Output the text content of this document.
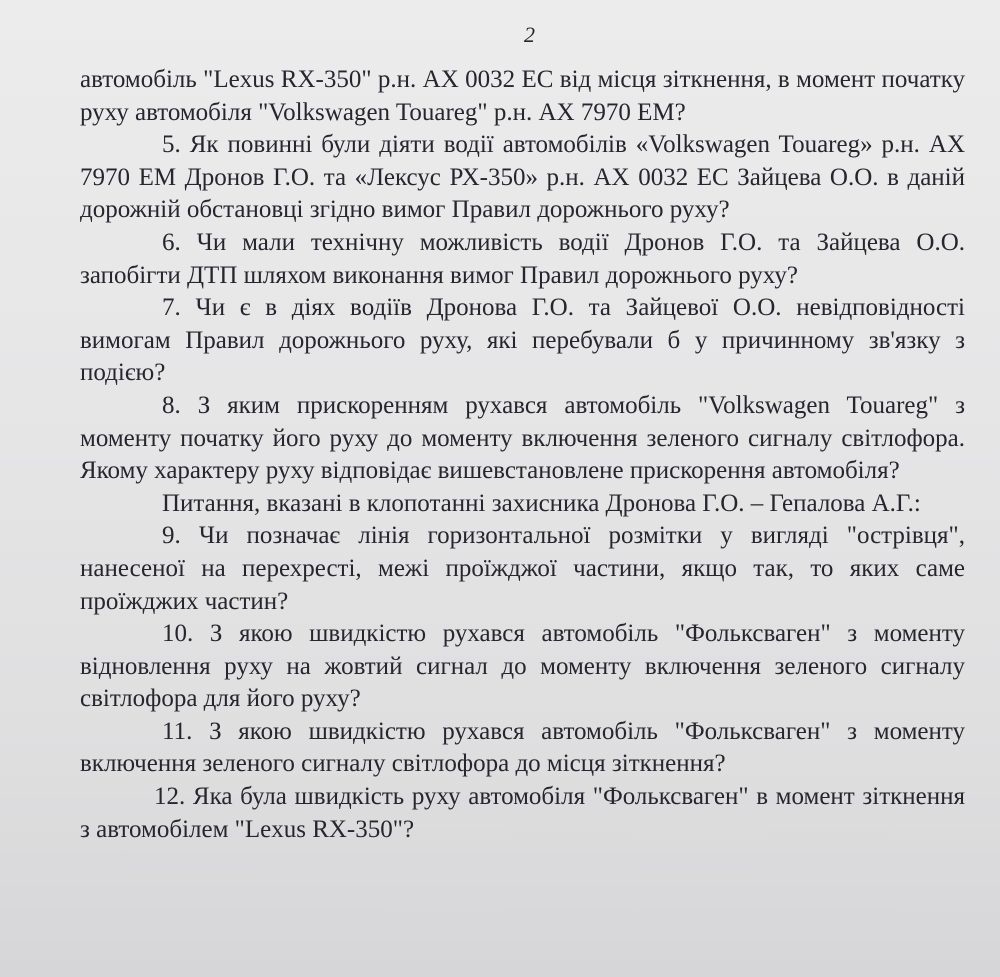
2

автомобіль "Lexus RX-350" р.н. АХ 0032 ЕС від місця зіткнення, в момент початку руху автомобіля "Volkswagen Touareg" р.н. АХ 7970 ЕМ?

5. Як повинні були діяти водії автомобілів «Volkswagen Touareg» р.н. АХ 7970 ЕМ Дронов Г.О. та «Лексус РХ-350» р.н. АХ 0032 ЕС Зайцева О.О. в даній дорожній обстановці згідно вимог Правил дорожнього руху?

6. Чи мали технічну можливість водії Дронов Г.О. та Зайцева О.О. запобігти ДТП шляхом виконання вимог Правил дорожнього руху?

7. Чи є в діях водіїв Дронова Г.О. та Зайцевої О.О. невідповідності вимогам Правил дорожнього руху, які перебували б у причинному зв'язку з подією?

8. З яким прискоренням рухався автомобіль "Volkswagen Touareg" з моменту початку його руху до моменту включення зеленого сигналу світлофора. Якому характеру руху відповідає вишевстановлене прискорення автомобіля?

Питання, вказані в клопотанні захисника Дронова Г.О. – Гепалова А.Г.:

9. Чи позначає лінія горизонтальної розмітки у вигляді "острівця", нанесеної на перехресті, межі проїжджої частини, якщо так, то яких саме проїжджих частин?

10. З якою швидкістю рухався автомобіль "Фольксваген" з моменту відновлення руху на жовтий сигнал до моменту включення зеленого сигналу світлофора для його руху?

11. З якою швидкістю рухався автомобіль "Фольксваген" з моменту включення зеленого сигналу світлофора до місця зіткнення?

12. Яка була швидкість руху автомобіля "Фольксваген" в момент зіткнення з автомобілем "Lexus RX-350"?
